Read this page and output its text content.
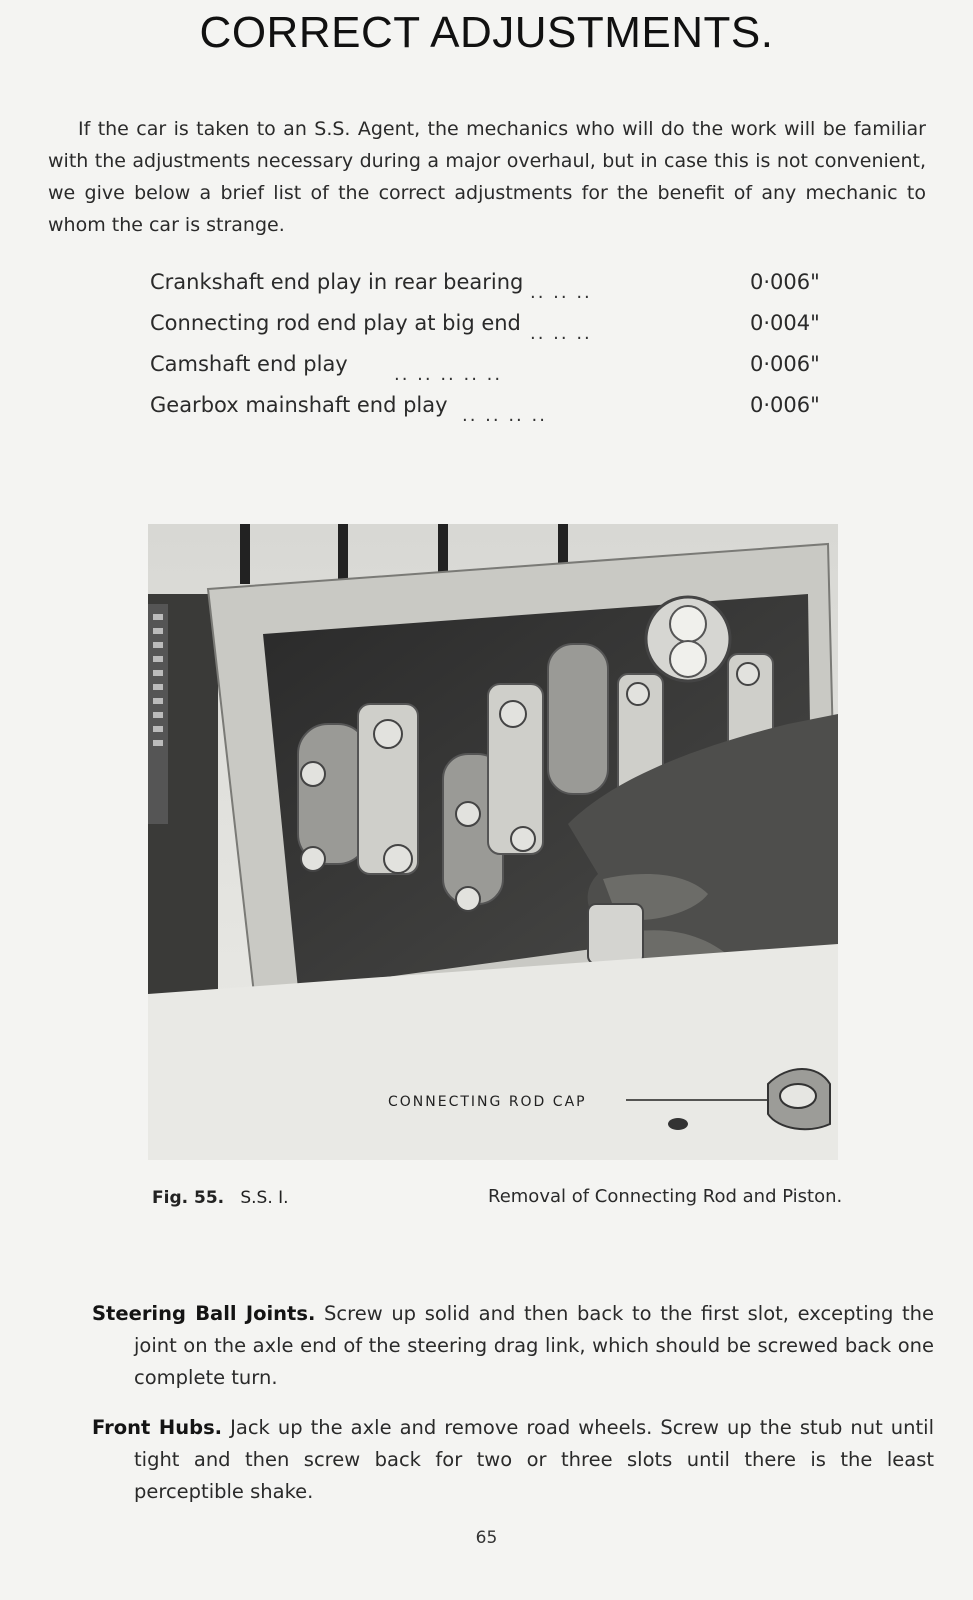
CORRECT ADJUSTMENTS.

If the car is taken to an S.S. Agent, the mechanics who will do the work will be familiar with the adjustments necessary during a major overhaul, but in case this is not convenient, we give below a brief list of the correct adjustments for the benefit of any mechanic to whom the car is strange.

Crankshaft end play in rear bearing .. .. ..	0·006"
Connecting rod end play at big end .. .. ..	0·004"
Camshaft end play	.. .. .. .. ..	0·006"
Gearbox mainshaft end play .. .. .. ..	0·006"
CONNECTING ROD CAP
Fig. 55. S.S. I.	Removal of Connecting Rod and Piston.

Steering Ball Joints. Screw up solid and then back to the first slot, excepting the joint on the axle end of the steering drag link, which should be screwed back one complete turn.

Front Hubs. Jack up the axle and remove road wheels. Screw up the stub nut until tight and then screw back for two or three slots until there is the least perceptible shake.

65
